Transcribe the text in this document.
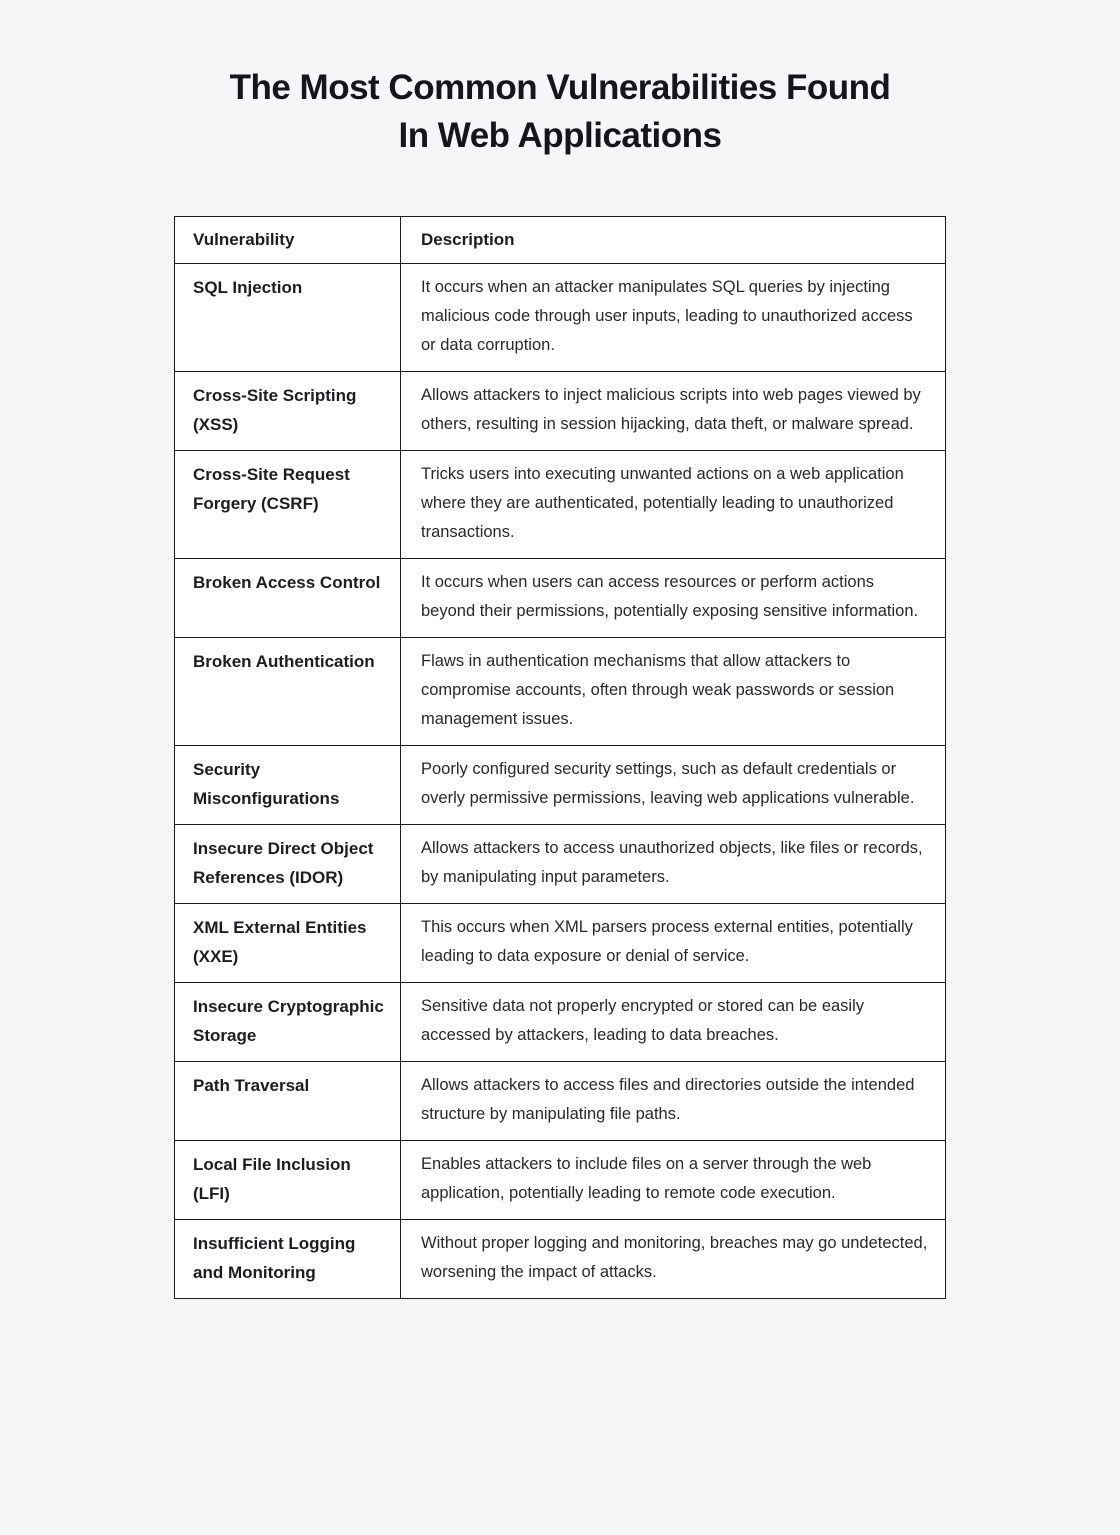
The Most Common Vulnerabilities Found
In Web Applications
Vulnerability	Description
SQL Injection	It occurs when an attacker manipulates SQL queries by injecting malicious code through user inputs, leading to unauthorized access or data corruption.
Cross-Site Scripting (XSS)	Allows attackers to inject malicious scripts into web pages viewed by others, resulting in session hijacking, data theft, or malware spread.
Cross-Site Request Forgery (CSRF)	Tricks users into executing unwanted actions on a web application where they are authenticated, potentially leading to unauthorized transactions.
Broken Access Control	It occurs when users can access resources or perform actions beyond their permissions, potentially exposing sensitive information.
Broken Authentication	Flaws in authentication mechanisms that allow attackers to compromise accounts, often through weak passwords or session management issues.
Security Misconfigurations	Poorly configured security settings, such as default credentials or overly permissive permissions, leaving web applications vulnerable.
Insecure Direct Object References (IDOR)	Allows attackers to access unauthorized objects, like files or records, by manipulating input parameters.
XML External Entities (XXE)	This occurs when XML parsers process external entities, potentially leading to data exposure or denial of service.
Insecure Cryptographic Storage	Sensitive data not properly encrypted or stored can be easily accessed by attackers, leading to data breaches.
Path Traversal	Allows attackers to access files and directories outside the intended structure by manipulating file paths.
Local File Inclusion (LFI)	Enables attackers to include files on a server through the web application, potentially leading to remote code execution.
Insufficient Logging and Monitoring	Without proper logging and monitoring, breaches may go undetected, worsening the impact of attacks.
